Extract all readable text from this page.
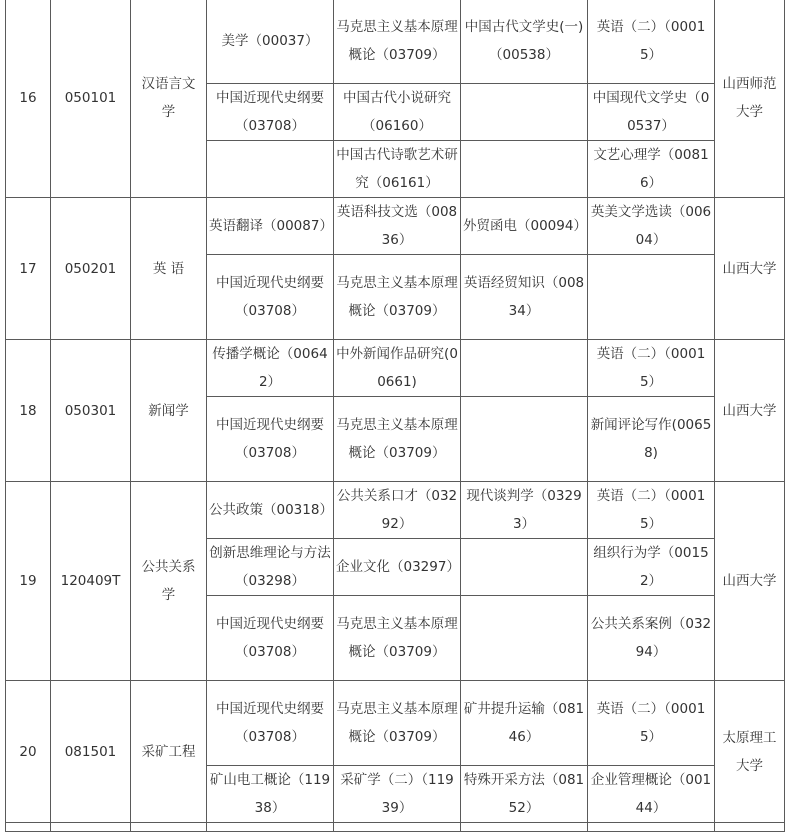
16	050101	汉语言文学	美学（00037）	马克思主义基本原理概论（03709）	中国古代文学史(一)（00538）	英语（二）（00015）	山西师范大学
			中国近现代史纲要（03708）	中国古代小说研究（06160）		中国现代文学史（00537）	
				中国古代诗歌艺术研究（06161）		文艺心理学（00816）	
17	050201	英 语	英语翻译（00087）	英语科技文选（00836）	外贸函电（00094）	英美文学选读（00604）	山西大学
			中国近现代史纲要（03708）	马克思主义基本原理概论（03709）	英语经贸知识（00834）		
18	050301	新闻学	传播学概论（00642）	中外新闻作品研究(00661)		英语（二）（00015）	山西大学
			中国近现代史纲要（03708）	马克思主义基本原理概论（03709）		新闻评论写作(00658)	
19	120409T	公共关系学	公共政策（00318）	公共关系口才（03292）	现代谈判学（03293）	英语（二）（00015）	山西大学
			创新思维理论与方法（03298）	企业文化（03297）		组织行为学（00152）	
			中国近现代史纲要（03708）	马克思主义基本原理概论（03709）		公共关系案例（03294）	
20	081501	采矿工程	中国近现代史纲要（03708）	马克思主义基本原理概论（03709）	矿井提升运输（08146）	英语（二）（00015）	太原理工大学
			矿山电工概论（11938）	采矿学（二）（11939）	特殊开采方法（08152）	企业管理概论（00144）	
